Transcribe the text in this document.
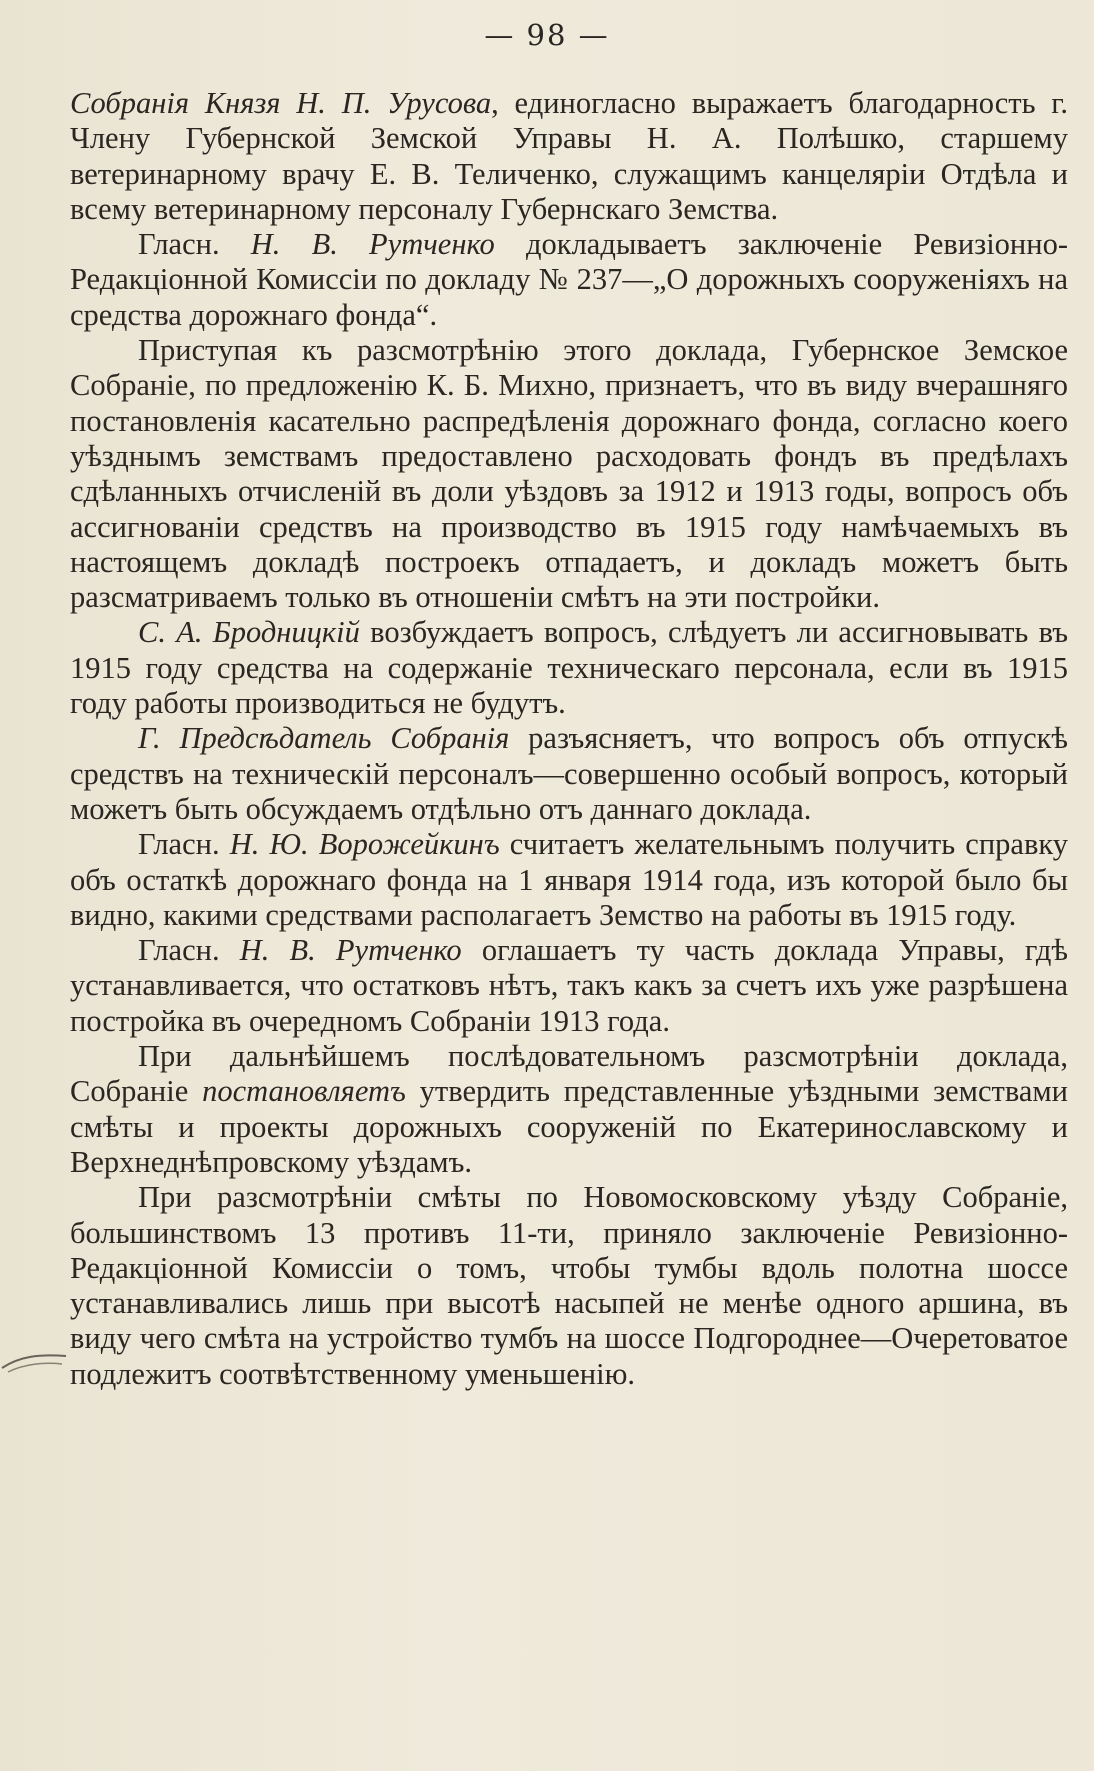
— 98 —

Собранія Князя Н. П. Урусова, единогласно выражаетъ благодарность г. Члену Губернской Земской Управы Н. А. Полѣшко, старшему ветеринарному врачу Е. В. Теличенко, служащимъ канцеляріи Отдѣла и всему ветеринарному персоналу Губернскаго Земства.

Гласн. Н. В. Рутченко докладываетъ заключеніе Ревизіонно-Редакціонной Комиссіи по докладу № 237—„О дорожныхъ сооруженіяхъ на средства дорожнаго фонда“.

Приступая къ разсмотрѣнію этого доклада, Губернское Земское Собраніе, по предложенію К. Б. Михно, признаетъ, что въ виду вчерашняго постановленія касательно распредѣленія дорожнаго фонда, согласно коего уѣзднымъ земствамъ предоставлено расходовать фондъ въ предѣлахъ сдѣланныхъ отчисленій въ доли уѣздовъ за 1912 и 1913 годы, вопросъ объ ассигнованіи средствъ на производство въ 1915 году намѣчаемыхъ въ настоящемъ докладѣ построекъ отпадаетъ, и докладъ можетъ быть разсматриваемъ только въ отношеніи смѣтъ на эти постройки.

С. А. Бродницкій возбуждаетъ вопросъ, слѣдуетъ ли ассигновывать въ 1915 году средства на содержаніе техническаго персонала, если въ 1915 году работы производиться не будутъ.

Г. Предсѣдатель Собранія разъясняетъ, что вопросъ объ отпускѣ средствъ на техническій персоналъ—совершенно особый вопросъ, который можетъ быть обсуждаемъ отдѣльно отъ даннаго доклада.

Гласн. Н. Ю. Ворожейкинъ считаетъ желательнымъ получить справку объ остаткѣ дорожнаго фонда на 1 января 1914 года, изъ которой было бы видно, какими средствами располагаетъ Земство на работы въ 1915 году.

Гласн. Н. В. Рутченко оглашаетъ ту часть доклада Управы, гдѣ устанавливается, что остатковъ нѣтъ, такъ какъ за счетъ ихъ уже разрѣшена постройка въ очередномъ Собраніи 1913 года.

При дальнѣйшемъ послѣдовательномъ разсмотрѣніи доклада, Собраніе постановляетъ утвердить представленные уѣздными земствами смѣты и проекты дорожныхъ сооруженій по Екатеринославскому и Верхнеднѣпровскому уѣздамъ.

При разсмотрѣніи смѣты по Новомосковскому уѣзду Собраніе, большинствомъ 13 противъ 11-ти, приняло заключеніе Ревизіонно-Редакціонной Комиссіи о томъ, чтобы тумбы вдоль полотна шоссе устанавливались лишь при высотѣ насыпей не менѣе одного аршина, въ виду чего смѣта на устройство тумбъ на шоссе Подгороднее—Очеретоватое подлежитъ соотвѣтственному уменьшенію.
